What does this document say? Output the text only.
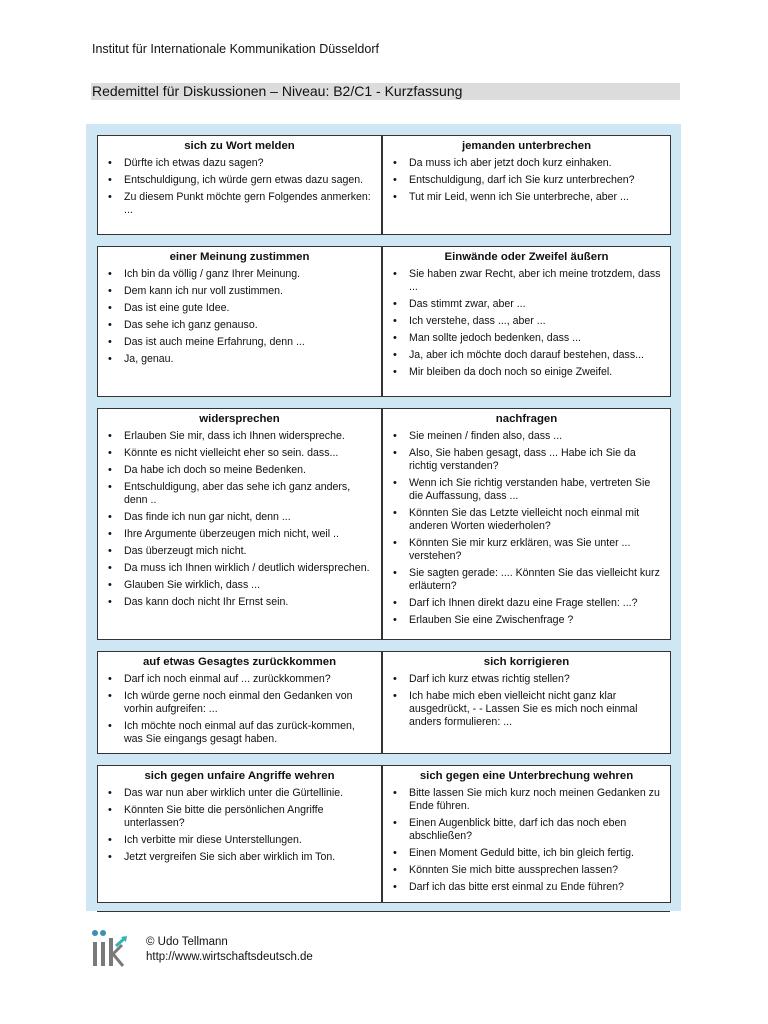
Institut für Internationale Kommunikation Düsseldorf
Redemittel für Diskussionen – Niveau: B2/C1 - Kurzfassung
sich zu Wort melden
• Dürfte ich etwas dazu sagen?
• Entschuldigung, ich würde gern etwas dazu sagen.
• Zu diesem Punkt möchte gern Folgendes anmerken: ...
jemanden unterbrechen
• Da muss ich aber jetzt doch kurz einhaken.
• Entschuldigung, darf ich Sie kurz unterbrechen?
• Tut mir Leid, wenn ich Sie unterbreche, aber ...
einer Meinung zustimmen
• Ich bin da völlig / ganz Ihrer Meinung.
• Dem kann ich nur voll zustimmen.
• Das ist eine gute Idee.
• Das sehe ich ganz genauso.
• Das ist auch meine Erfahrung, denn ...
• Ja, genau.
Einwände oder Zweifel äußern
• Sie haben zwar Recht, aber ich meine trotzdem, dass ...
• Das stimmt zwar, aber ...
• Ich verstehe, dass ..., aber ...
• Man sollte jedoch bedenken, dass ...
• Ja, aber ich möchte doch darauf bestehen, dass...
• Mir bleiben da doch noch so einige Zweifel.
widersprechen
• Erlauben Sie mir, dass ich Ihnen widerspreche.
• Könnte es nicht vielleicht eher so sein. dass...
• Da habe ich doch so meine Bedenken.
• Entschuldigung, aber das sehe ich ganz anders, denn ..
• Das finde ich nun gar nicht, denn ...
• Ihre Argumente überzeugen mich nicht, weil ..
• Das überzeugt mich nicht.
• Da muss ich Ihnen wirklich / deutlich widersprechen.
• Glauben Sie wirklich, dass ...
• Das kann doch nicht Ihr Ernst sein.
nachfragen
• Sie meinen / finden also, dass ...
• Also, Sie haben gesagt, dass ... Habe ich Sie da richtig verstanden?
• Wenn ich Sie richtig verstanden habe, vertreten Sie die Auffassung, dass ...
• Könnten Sie das Letzte vielleicht noch einmal mit anderen Worten wiederholen?
• Könnten Sie mir kurz erklären, was Sie unter ... verstehen?
• Sie sagten gerade: .... Könnten Sie das vielleicht kurz erläutern?
• Darf ich Ihnen direkt dazu eine Frage stellen: ...?
• Erlauben Sie eine Zwischenfrage ?
auf etwas Gesagtes zurückkommen
• Darf ich noch einmal auf ... zurückkommen?
• Ich würde gerne noch einmal den Gedanken von vorhin aufgreifen: ...
• Ich möchte noch einmal auf das zurück-kommen, was Sie eingangs gesagt haben.
sich korrigieren
• Darf ich kurz etwas richtig stellen?
• Ich habe mich eben vielleicht nicht ganz klar ausgedrückt, - - Lassen Sie es mich noch einmal anders formulieren: ...
sich gegen unfaire Angriffe wehren
• Das war nun aber wirklich unter die Gürtellinie.
• Könnten Sie bitte die persönlichen Angriffe unterlassen?
• Ich verbitte mir diese Unterstellungen.
• Jetzt vergreifen Sie sich aber wirklich im Ton.
sich gegen eine Unterbrechung wehren
• Bitte lassen Sie mich kurz noch meinen Gedanken zu Ende führen.
• Einen Augenblick bitte, darf ich das noch eben abschließen?
• Einen Moment Geduld bitte, ich bin gleich fertig.
• Könnten Sie mich bitte aussprechen lassen?
• Darf ich das bitte erst einmal zu Ende führen?
© Udo Tellmann
http://www.wirtschaftsdeutsch.de
